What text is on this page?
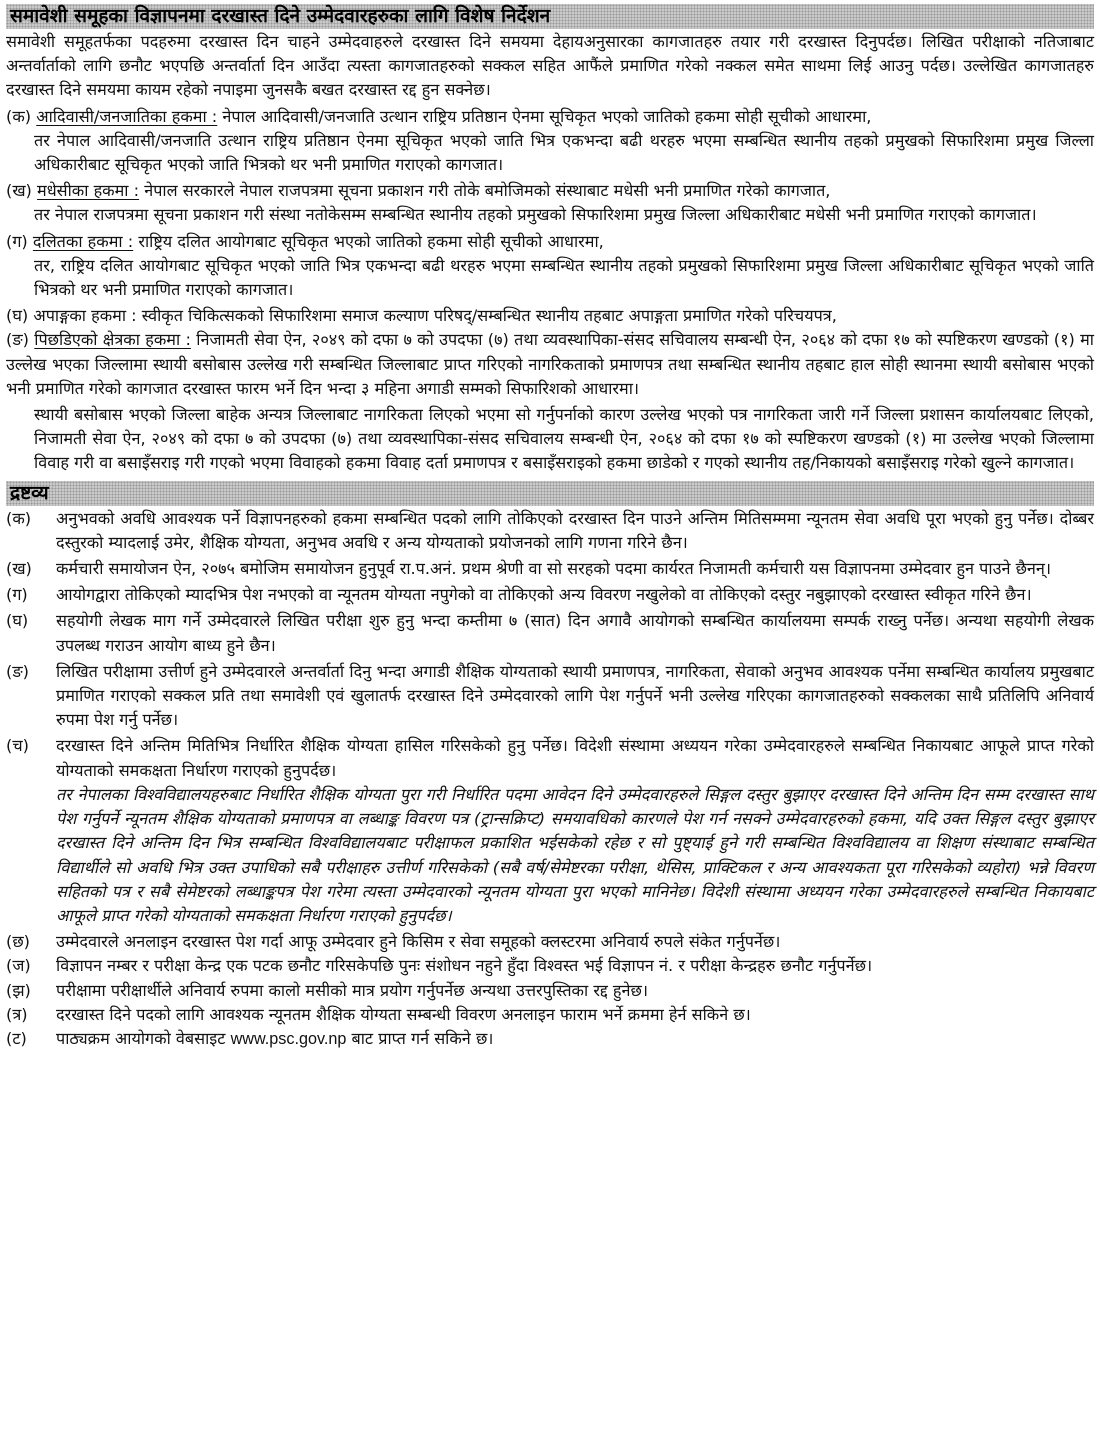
समावेशी समूहका विज्ञापनमा दरखास्त दिने उम्मेदवारहरुका लागि विशेष निर्देशन

समावेशी समूहतर्फका पदहरुमा दरखास्त दिन चाहने उम्मेदवाहरुले दरखास्त दिने समयमा देहायअनुसारका कागजातहरु तयार गरी दरखास्त दिनुपर्दछ। लिखित परीक्षाको नतिजाबाट अन्तर्वार्ताको लागि छनौट भएपछि अन्तर्वार्ता दिन आउँदा त्यस्ता कागजातहरुको सक्कल सहित आफैंले प्रमाणित गरेको नक्कल समेत साथमा लिई आउनु पर्दछ। उल्लेखित कागजातहरु दरखास्त दिने समयमा कायम रहेको नपाइमा जुनसकै बखत दरखास्त रद्द हुन सक्नेछ।

(क) आदिवासी/जनजातिका हकमा : नेपाल आदिवासी/जनजाति उत्थान राष्ट्रिय प्रतिष्ठान ऐनमा सूचिकृत भएको जातिको हकमा सोही सूचीको आधारमा,

तर नेपाल आदिवासी/जनजाति उत्थान राष्ट्रिय प्रतिष्ठान ऐनमा सूचिकृत भएको जाति भित्र एकभन्दा बढी थरहरु भएमा सम्बन्धित स्थानीय तहको प्रमुखको सिफारिशमा प्रमुख जिल्ला अधिकारीबाट सूचिकृत भएको जाति भित्रको थर भनी प्रमाणित गराएको कागजात।

(ख) मधेसीका हकमा : नेपाल सरकारले नेपाल राजपत्रमा सूचना प्रकाशन गरी तोके बमोजिमको संस्थाबाट मधेसी भनी प्रमाणित गरेको कागजात,

तर नेपाल राजपत्रमा सूचना प्रकाशन गरी संस्था नतोकेसम्म सम्बन्धित स्थानीय तहको प्रमुखको सिफारिशमा प्रमुख जिल्ला अधिकारीबाट मधेसी भनी प्रमाणित गराएको कागजात।

(ग) दलितका हकमा : राष्ट्रिय दलित आयोगबाट सूचिकृत भएको जातिको हकमा सोही सूचीको आधारमा,

तर, राष्ट्रिय दलित आयोगबाट सूचिकृत भएको जाति भित्र एकभन्दा बढी थरहरु भएमा सम्बन्धित स्थानीय तहको प्रमुखको सिफारिशमा प्रमुख जिल्ला अधिकारीबाट सूचिकृत भएको जाति भित्रको थर भनी प्रमाणित गराएको कागजात।

(घ) अपाङ्गका हकमा : स्वीकृत चिकित्सकको सिफारिशमा समाज कल्याण परिषद्/सम्बन्धित स्थानीय तहबाट अपाङ्गता प्रमाणित गरेको परिचयपत्र,

(ङ) पिछडिएको क्षेत्रका हकमा : निजामती सेवा ऐन, २०४९ को दफा ७ को उपदफा (७) तथा व्यवस्थापिका-संसद सचिवालय सम्बन्धी ऐन, २०६४ को दफा १७ को स्पष्टिकरण खण्डको (१) मा उल्लेख भएका जिल्लामा स्थायी बसोबास उल्लेख गरी सम्बन्धित जिल्लाबाट प्राप्त गरिएको नागरिकताको प्रमाणपत्र तथा सम्बन्धित स्थानीय तहबाट हाल सोही स्थानमा स्थायी बसोबास भएको भनी प्रमाणित गरेको कागजात दरखास्त फारम भर्ने दिन भन्दा ३ महिना अगाडी सम्मको सिफारिशको आधारमा।

स्थायी बसोबास भएको जिल्ला बाहेक अन्यत्र जिल्लाबाट नागरिकता लिएको भएमा सो गर्नुपर्नाको कारण उल्लेख भएको पत्र नागरिकता जारी गर्ने जिल्ला प्रशासन कार्यालयबाट लिएको, निजामती सेवा ऐन, २०४९ को दफा ७ को उपदफा (७) तथा व्यवस्थापिका-संसद सचिवालय सम्बन्धी ऐन, २०६४ को दफा १७ को स्पष्टिकरण खण्डको (१) मा उल्लेख भएको जिल्लामा विवाह गरी वा बसाइँसराइ गरी गएको भएमा विवाहको हकमा विवाह दर्ता प्रमाणपत्र र बसाइँसराइको हकमा छाडेको र गएको स्थानीय तह/निकायको बसाइँसराइ गरेको खुल्ने कागजात।

द्रष्टव्य
(क)	अनुभवको अवधि आवश्यक पर्ने विज्ञापनहरुको हकमा सम्बन्धित पदको लागि तोकिएको दरखास्त दिन पाउने अन्तिम मितिसम्ममा न्यूनतम सेवा अवधि पूरा भएको हुनु पर्नेछ। दोब्बर दस्तुरको म्यादलाई उमेर, शैक्षिक योग्यता, अनुभव अवधि र अन्य योग्यताको प्रयोजनको लागि गणना गरिने छैन।
(ख)	कर्मचारी समायोजन ऐन, २०७५ बमोजिम समायोजन हुनुपूर्व रा.प.अनं. प्रथम श्रेणी वा सो सरहको पदमा कार्यरत निजामती कर्मचारी यस विज्ञापनमा उम्मेदवार हुन पाउने छैनन्।
(ग)	आयोगद्वारा तोकिएको म्यादभित्र पेश नभएको वा न्यूनतम योग्यता नपुगेको वा तोकिएको अन्य विवरण नखुलेको वा तोकिएको दस्तुर नबुझाएको दरखास्त स्वीकृत गरिने छैन।
(घ)	सहयोगी लेखक माग गर्ने उम्मेदवारले लिखित परीक्षा शुरु हुनु भन्दा कम्तीमा ७ (सात) दिन अगावै आयोगको सम्बन्धित कार्यालयमा सम्पर्क राख्नु पर्नेछ। अन्यथा सहयोगी लेखक उपलब्ध गराउन आयोग बाध्य हुने छैन।
(ङ)	लिखित परीक्षामा उत्तीर्ण हुने उम्मेदवारले अन्तर्वार्ता दिनु भन्दा अगाडी शैक्षिक योग्यताको स्थायी प्रमाणपत्र, नागरिकता, सेवाको अनुभव आवश्यक पर्नेमा सम्बन्धित कार्यालय प्रमुखबाट प्रमाणित गराएको सक्कल प्रति तथा समावेशी एवं खुलातर्फ दरखास्त दिने उम्मेदवारको लागि पेश गर्नुपर्ने भनी उल्लेख गरिएका कागजातहरुको सक्कलका साथै प्रतिलिपि अनिवार्य रुपमा पेश गर्नु पर्नेछ।
(च)	दरखास्त दिने अन्तिम मितिभित्र निर्धारित शैक्षिक योग्यता हासिल गरिसकेको हुनु पर्नेछ। विदेशी संस्थामा अध्ययन गरेका उम्मेदवारहरुले सम्बन्धित निकायबाट आफूले प्राप्त गरेको योग्यताको समकक्षता निर्धारण गराएको हुनुपर्दछ।

तर नेपालका विश्वविद्यालयहरुबाट निर्धारित शैक्षिक योग्यता पुरा गरी निर्धारित पदमा आवेदन दिने उम्मेदवारहरुले सिङ्गल दस्तुर बुझाएर दरखास्त दिने अन्तिम दिन सम्म दरखास्त साथ पेश गर्नुपर्ने न्यूनतम शैक्षिक योग्यताको प्रमाणपत्र वा लब्धाङ्क विवरण पत्र (ट्रान्सक्रिप्ट) समयावधिको कारणले पेश गर्न नसक्ने उम्मेदवारहरुको हकमा, यदि उक्त सिङ्गल दस्तुर बुझाएर दरखास्त दिने अन्तिम दिन भित्र सम्बन्धित विश्वविद्यालयबाट परीक्षाफल प्रकाशित भईसकेको रहेछ र सो पुष्ट्याई हुने गरी सम्बन्धित विश्वविद्यालय वा शिक्षण संस्थाबाट सम्बन्धित विद्यार्थीले सो अवधि भित्र उक्त उपाधिको सबै परीक्षाहरु उत्तीर्ण गरिसकेको (सबै वर्ष/सेमेष्टरका परीक्षा, थेसिस, प्राक्टिकल र अन्य आवश्यकता पूरा गरिसकेको व्यहोरा) भन्ने विवरण सहितको पत्र र सबै सेमेष्टरको लब्धाङ्कपत्र पेश गरेमा त्यस्ता उम्मेदवारको न्यूनतम योग्यता पुरा भएको मानिनेछ। विदेशी संस्थामा अध्ययन गरेका उम्मेदवारहरुले सम्बन्धित निकायबाट आफूले प्राप्त गरेको योग्यताको समकक्षता निर्धारण गराएको हुनुपर्दछ।

(छ)	उम्मेदवारले अनलाइन दरखास्त पेश गर्दा आफू उम्मेदवार हुने किसिम र सेवा समूहको क्लस्टरमा अनिवार्य रुपले संकेत गर्नुपर्नेछ।
(ज)	विज्ञापन नम्बर र परीक्षा केन्द्र एक पटक छनौट गरिसकेपछि पुनः संशोधन नहुने हुँदा विश्वस्त भई विज्ञापन नं. र परीक्षा केन्द्रहरु छनौट गर्नुपर्नेछ।
(झ)	परीक्षामा परीक्षार्थीले अनिवार्य रुपमा कालो मसीको मात्र प्रयोग गर्नुपर्नेछ अन्यथा उत्तरपुस्तिका रद्द हुनेछ।
(त्र)	दरखास्त दिने पदको लागि आवश्यक न्यूनतम शैक्षिक योग्यता सम्बन्धी विवरण अनलाइन फाराम भर्ने क्रममा हेर्न सकिने छ।
(ट)	पाठ्यक्रम आयोगको वेबसाइट www.psc.gov.np बाट प्राप्त गर्न सकिने छ।
